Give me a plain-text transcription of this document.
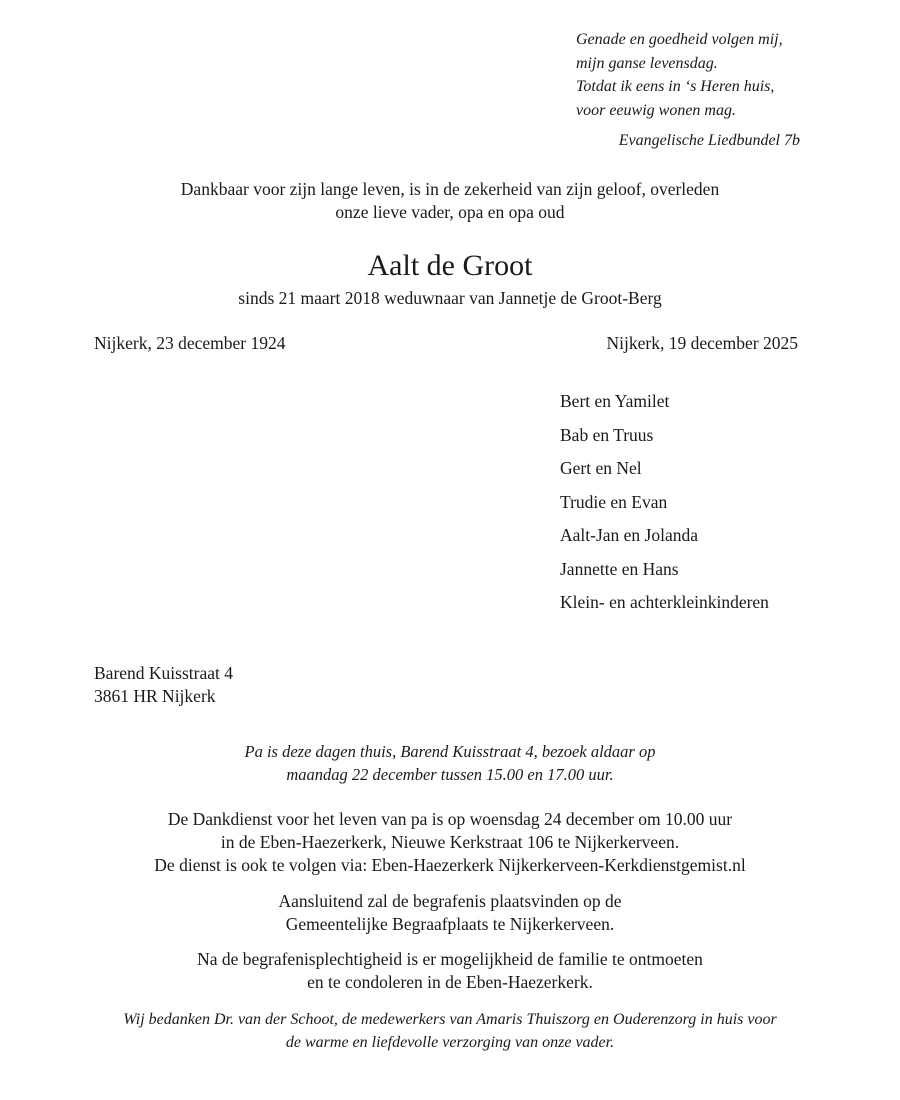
Genade en goedheid volgen mij,
mijn ganse levensdag.
Totdat ik eens in ‘s Heren huis,
voor eeuwig wonen mag.
Evangelische Liedbundel 7b
Dankbaar voor zijn lange leven, is in de zekerheid van zijn geloof, overleden
onze lieve vader, opa en opa oud
Aalt de Groot
sinds 21 maart 2018 weduwnaar van Jannetje de Groot-Berg
Nijkerk, 23 december 1924	Nijkerk, 19 december 2025
Bert en Yamilet
Bab en Truus
Gert en Nel
Trudie en Evan
Aalt-Jan en Jolanda
Jannette en Hans
Klein- en achterkleinkinderen
Barend Kuisstraat 4
3861 HR Nijkerk
Pa is deze dagen thuis, Barend Kuisstraat 4, bezoek aldaar op
maandag 22 december tussen 15.00 en 17.00 uur.
De Dankdienst voor het leven van pa is op woensdag 24 december om 10.00 uur
in de Eben-Haezerkerk, Nieuwe Kerkstraat 106 te Nijkerkerveen.
De dienst is ook te volgen via: Eben-Haezerkerk Nijkerkerveen-Kerkdienstgemist.nl
Aansluitend zal de begrafenis plaatsvinden op de
Gemeentelijke Begraafplaats te Nijkerkerveen.
Na de begrafenisplechtigheid is er mogelijkheid de familie te ontmoeten
en te condoleren in de Eben-Haezerkerk.
Wij bedanken Dr. van der Schoot, de medewerkers van Amaris Thuiszorg en Ouderenzorg in huis voor
de warme en liefdevolle verzorging van onze vader.
